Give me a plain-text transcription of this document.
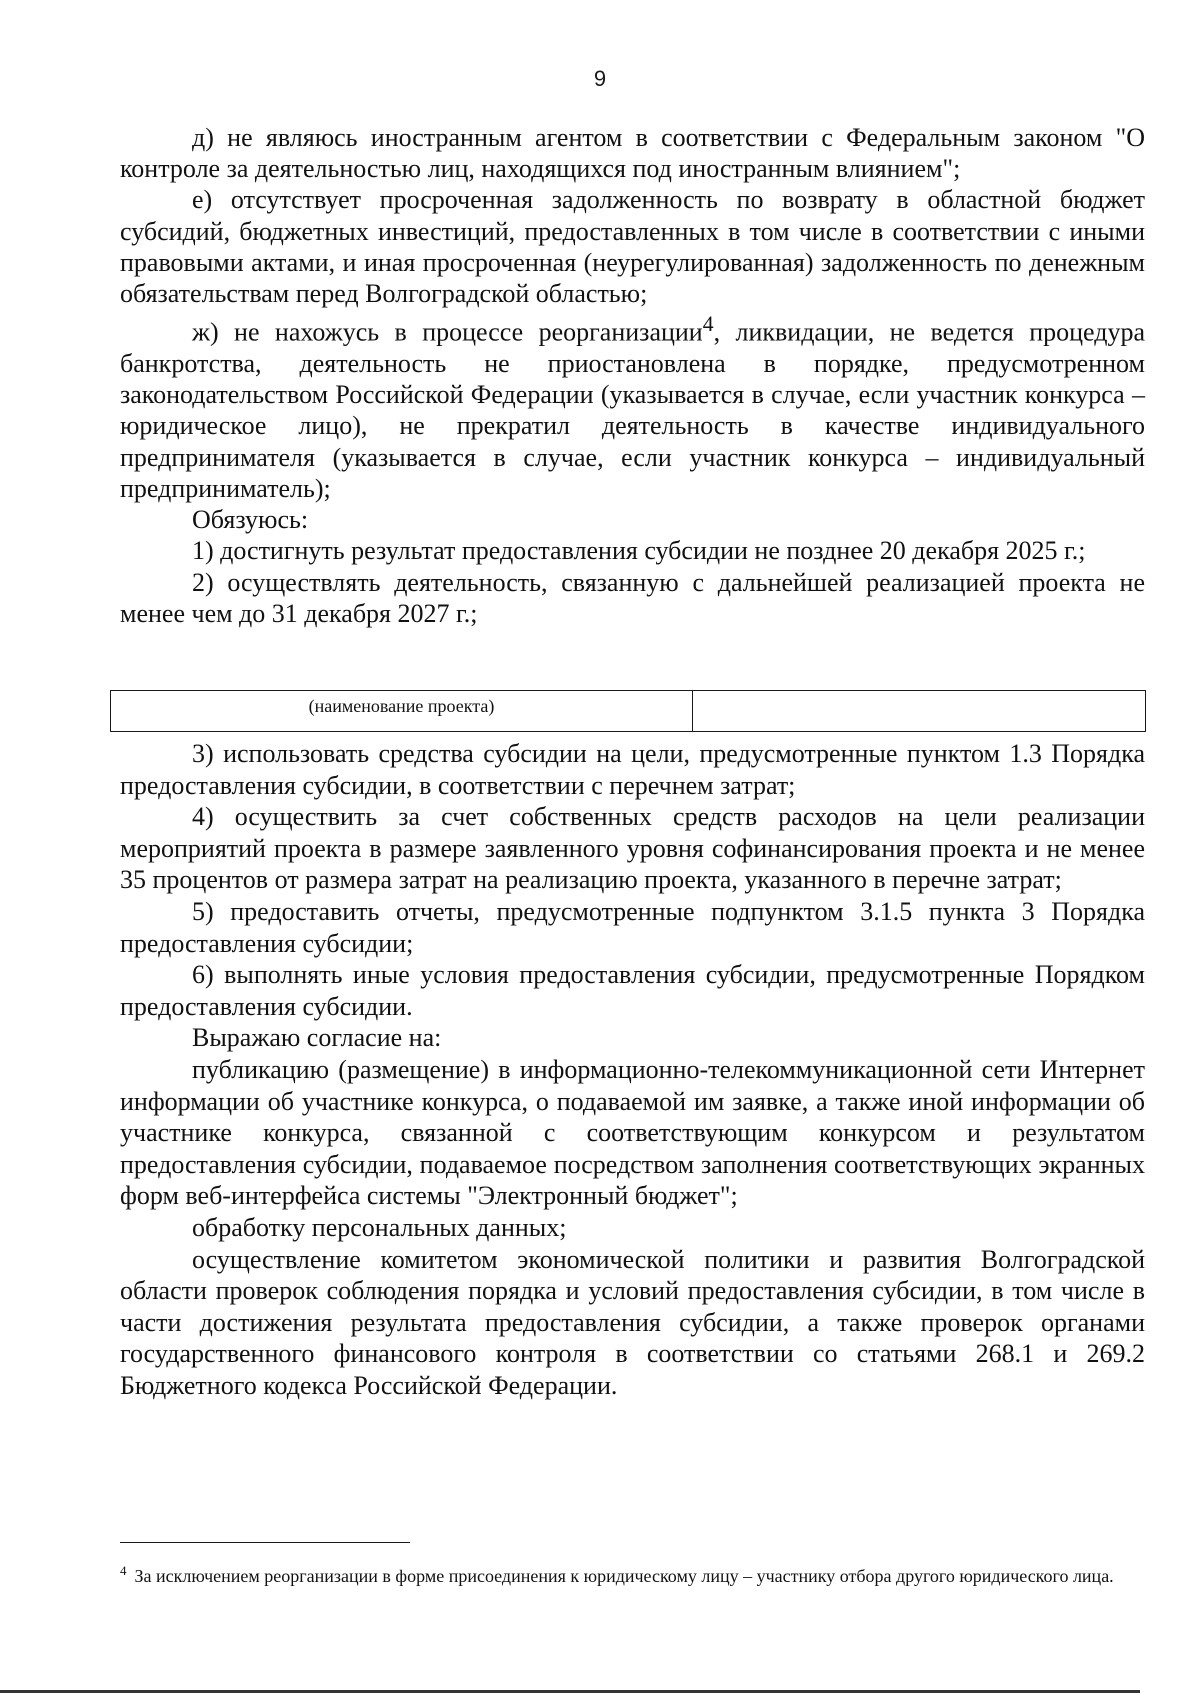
9

д) не являюсь иностранным агентом в соответствии с Федеральным законом "О контроле за деятельностью лиц, находящихся под иностранным влиянием";

е) отсутствует просроченная задолженность по возврату в областной бюджет субсидий, бюджетных инвестиций, предоставленных в том числе в соответствии с иными правовыми актами, и иная просроченная (неурегулированная) задолженность по денежным обязательствам перед Волгоградской областью;

ж) не нахожусь в процессе реорганизации$^4$, ликвидации, не ведется процедура банкротства, деятельность не приостановлена в порядке, предусмотренном законодательством Российской Федерации (указывается в случае, если участник конкурса – юридическое лицо), не прекратил деятельность в качестве индивидуального предпринимателя (указывается в случае, если участник конкурса – индивидуальный предприниматель);

Обязуюсь:

1) достигнуть результат предоставления субсидии не позднее 20 декабря 2025 г.;

2) осуществлять деятельность, связанную с дальнейшей реализацией проекта не менее чем до 31 декабря 2027 г.;

(наименование проекта)

3) использовать средства субсидии на цели, предусмотренные пунктом 1.3 Порядка предоставления субсидии, в соответствии с перечнем затрат;

4) осуществить за счет собственных средств расходов на цели реализации мероприятий проекта в размере заявленного уровня софинансирования проекта и не менее 35 процентов от размера затрат на реализацию проекта, указанного в перечне затрат;

5) предоставить отчеты, предусмотренные подпунктом 3.1.5 пункта 3 Порядка предоставления субсидии;

6) выполнять иные условия предоставления субсидии, предусмотренные Порядком предоставления субсидии.

Выражаю согласие на:

публикацию (размещение) в информационно-телекоммуникационной сети Интернет информации об участнике конкурса, о подаваемой им заявке, а также иной информации об участнике конкурса, связанной с соответствующим конкурсом и результатом предоставления субсидии, подаваемое посредством заполнения соответствующих экранных форм веб-интерфейса системы "Электронный бюджет";

обработку персональных данных;

осуществление комитетом экономической политики и развития Волгоградской области проверок соблюдения порядка и условий предоставления субсидии, в том числе в части достижения результата предоставления субсидии, а также проверок органами государственного финансового контроля в соответствии со статьями 268.1 и 269.2 Бюджетного кодекса Российской Федерации.

$^4$ За исключением реорганизации в форме присоединения к юридическому лицу – участнику отбора другого юридического лица.
